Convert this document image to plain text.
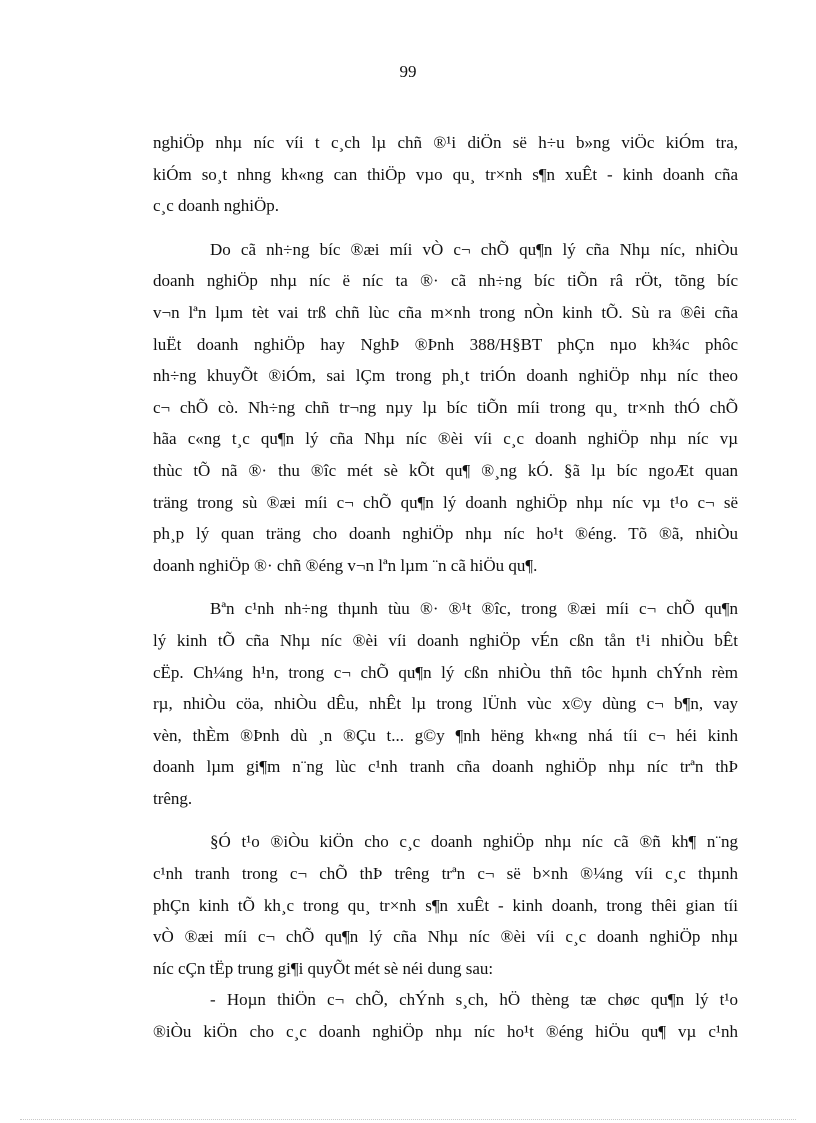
99
nghiÖp nhµ níc víi t c¸ch lµ chñ ®¹i diÖn së h÷u b»ng viÖc kiÓm tra,
kiÓm so¸t nhng kh«ng can thiÖp vµo qu¸ tr×nh s¶n xuÊt - kinh doanh cña
c¸c doanh nghiÖp.
Do cã nh÷ng bíc ®æi míi vÒ c¬ chÕ qu¶n lý cña Nhµ níc, nhiÒu
doanh nghiÖp nhµ níc ë níc ta ®· cã nh÷ng bíc tiÕn râ rÖt, tõng bíc
v¬n lªn lµm tèt vai trß chñ lùc cña m×nh trong nÒn kinh tÕ. Sù ra ®êi cña
luËt doanh nghiÖp hay NghÞ ®Þnh 388/H§BT phÇn nµo kh¾c phôc
nh÷ng khuyÕt ®iÓm, sai lÇm trong ph¸t triÓn doanh nghiÖp nhµ níc theo
c¬ chÕ cò. Nh÷ng chñ tr¬ng nµy lµ bíc tiÕn míi trong qu¸ tr×nh thÓ chÕ
hãa c«ng t¸c qu¶n lý cña Nhµ níc ®èi víi c¸c doanh nghiÖp nhµ níc vµ
thùc tÕ nã ®· thu ®îc mét sè kÕt qu¶ ®¸ng kÓ. §ã lµ bíc ngoÆt quan
träng trong sù ®æi míi c¬ chÕ qu¶n lý doanh nghiÖp nhµ níc vµ t¹o c¬ së
ph¸p lý quan träng cho doanh nghiÖp nhµ níc ho¹t ®éng. Tõ ®ã, nhiÒu
doanh nghiÖp ®· chñ ®éng v¬n lªn lµm ¨n cã hiÖu qu¶.
Bªn c¹nh nh÷ng thµnh tùu ®· ®¹t ®îc, trong ®æi míi c¬ chÕ qu¶n
lý kinh tÕ cña Nhµ níc ®èi víi doanh nghiÖp vÉn cßn tån t¹i nhiÒu bÊt
cËp. Ch¼ng h¹n, trong c¬ chÕ qu¶n lý cßn nhiÒu thñ tôc hµnh chÝnh rèm
rµ, nhiÒu cöa, nhiÒu dÊu, nhÊt lµ trong lÜnh vùc x©y dùng c¬ b¶n, vay
vèn, thÈm ®Þnh dù ¸n ®Çu t... g©y ¶nh hëng kh«ng nhá tíi c¬ héi kinh
doanh lµm gi¶m n¨ng lùc c¹nh tranh cña doanh nghiÖp nhµ níc trªn thÞ
trêng.
§Ó t¹o ®iÒu kiÖn cho c¸c doanh nghiÖp nhµ níc cã ®ñ kh¶ n¨ng
c¹nh tranh trong c¬ chÕ thÞ trêng trªn c¬ së b×nh ®¼ng víi c¸c thµnh
phÇn kinh tÕ kh¸c trong qu¸ tr×nh s¶n xuÊt - kinh doanh, trong thêi gian tíi
vÒ ®æi míi c¬ chÕ qu¶n lý cña Nhµ níc ®èi víi c¸c doanh nghiÖp nhµ
níc cÇn tËp trung gi¶i quyÕt mét sè néi dung sau:
- Hoµn thiÖn c¬ chÕ, chÝnh s¸ch, hÖ thèng tæ chøc qu¶n lý t¹o
®iÒu kiÖn cho c¸c doanh nghiÖp nhµ níc ho¹t ®éng hiÖu qu¶ vµ c¹nh
